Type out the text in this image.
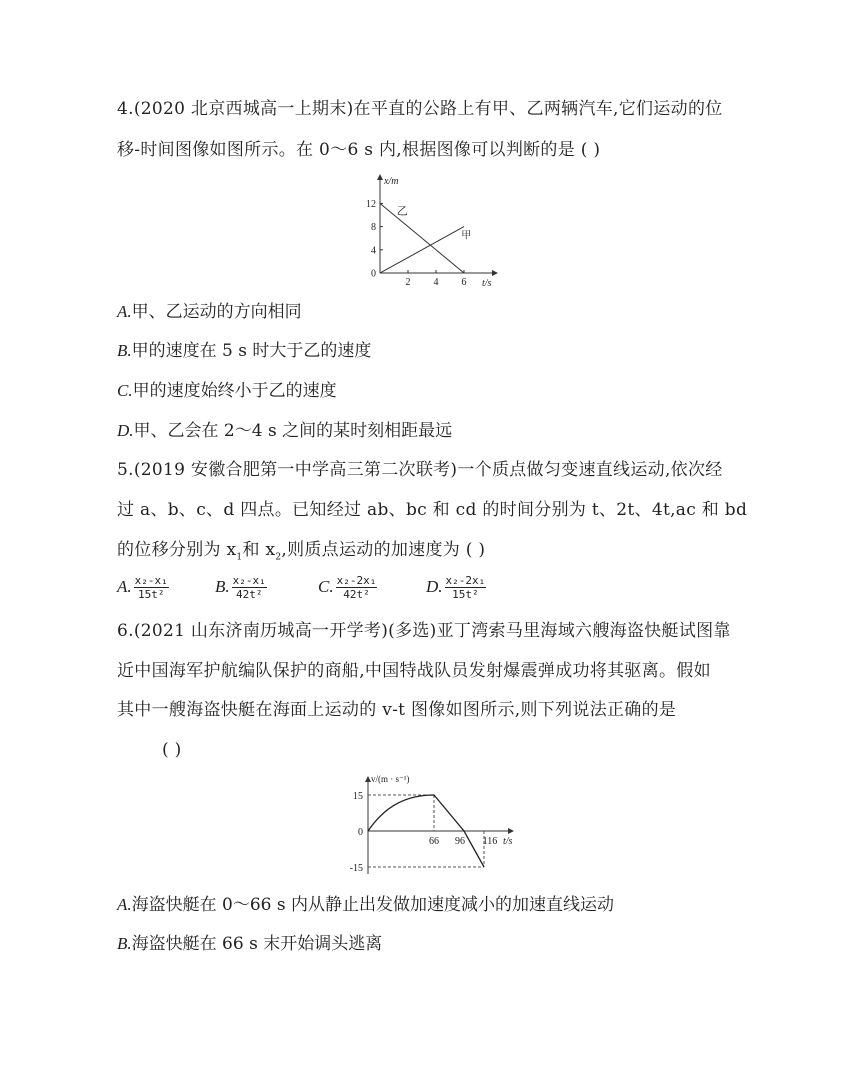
4.(2020 北京西城高一上期末)在平直的公路上有甲、乙两辆汽车,它们运动的位
移-时间图像如图所示。在 0～6 s 内,根据图像可以判断的是 ( )
x/m
t/s
0
4
8
12
2 4 6
乙
甲
A.甲、乙运动的方向相同
B.甲的速度在 5 s 时大于乙的速度
C.甲的速度始终小于乙的速度
D.甲、乙会在 2～4 s 之间的某时刻相距最远
5.(2019 安徽合肥第一中学高三第二次联考)一个质点做匀变速直线运动,依次经
过 a、b、c、d 四点。已知经过 ab、bc 和 cd 的时间分别为 t、2t、4t,ac 和 bd
的位移分别为 $x_1$和 $x_2$,则质点运动的加速度为 ( )
A. $\frac{\text{x₂-x₁}}{\text{15t²}}$	B. $\frac{\text{x₂-x₁}}{\text{42t²}}$	C. $\frac{\text{x₂-2x₁}}{\text{42t²}}$	D. $\frac{\text{x₂-2x₁}}{\text{15t²}}$
6.(2021 山东济南历城高一开学考)(多选)亚丁湾索马里海域六艘海盗快艇试图靠
近中国海军护航编队保护的商船,中国特战队员发射爆震弹成功将其驱离。假如
其中一艘海盗快艇在海面上运动的 v-t 图像如图所示,则下列说法正确的是
( )
v/(m · s⁻¹)
t/s
15
0
-15
66 96 116
A.海盗快艇在 0～66 s 内从静止出发做加速度减小的加速直线运动
B.海盗快艇在 66 s 末开始调头逃离
